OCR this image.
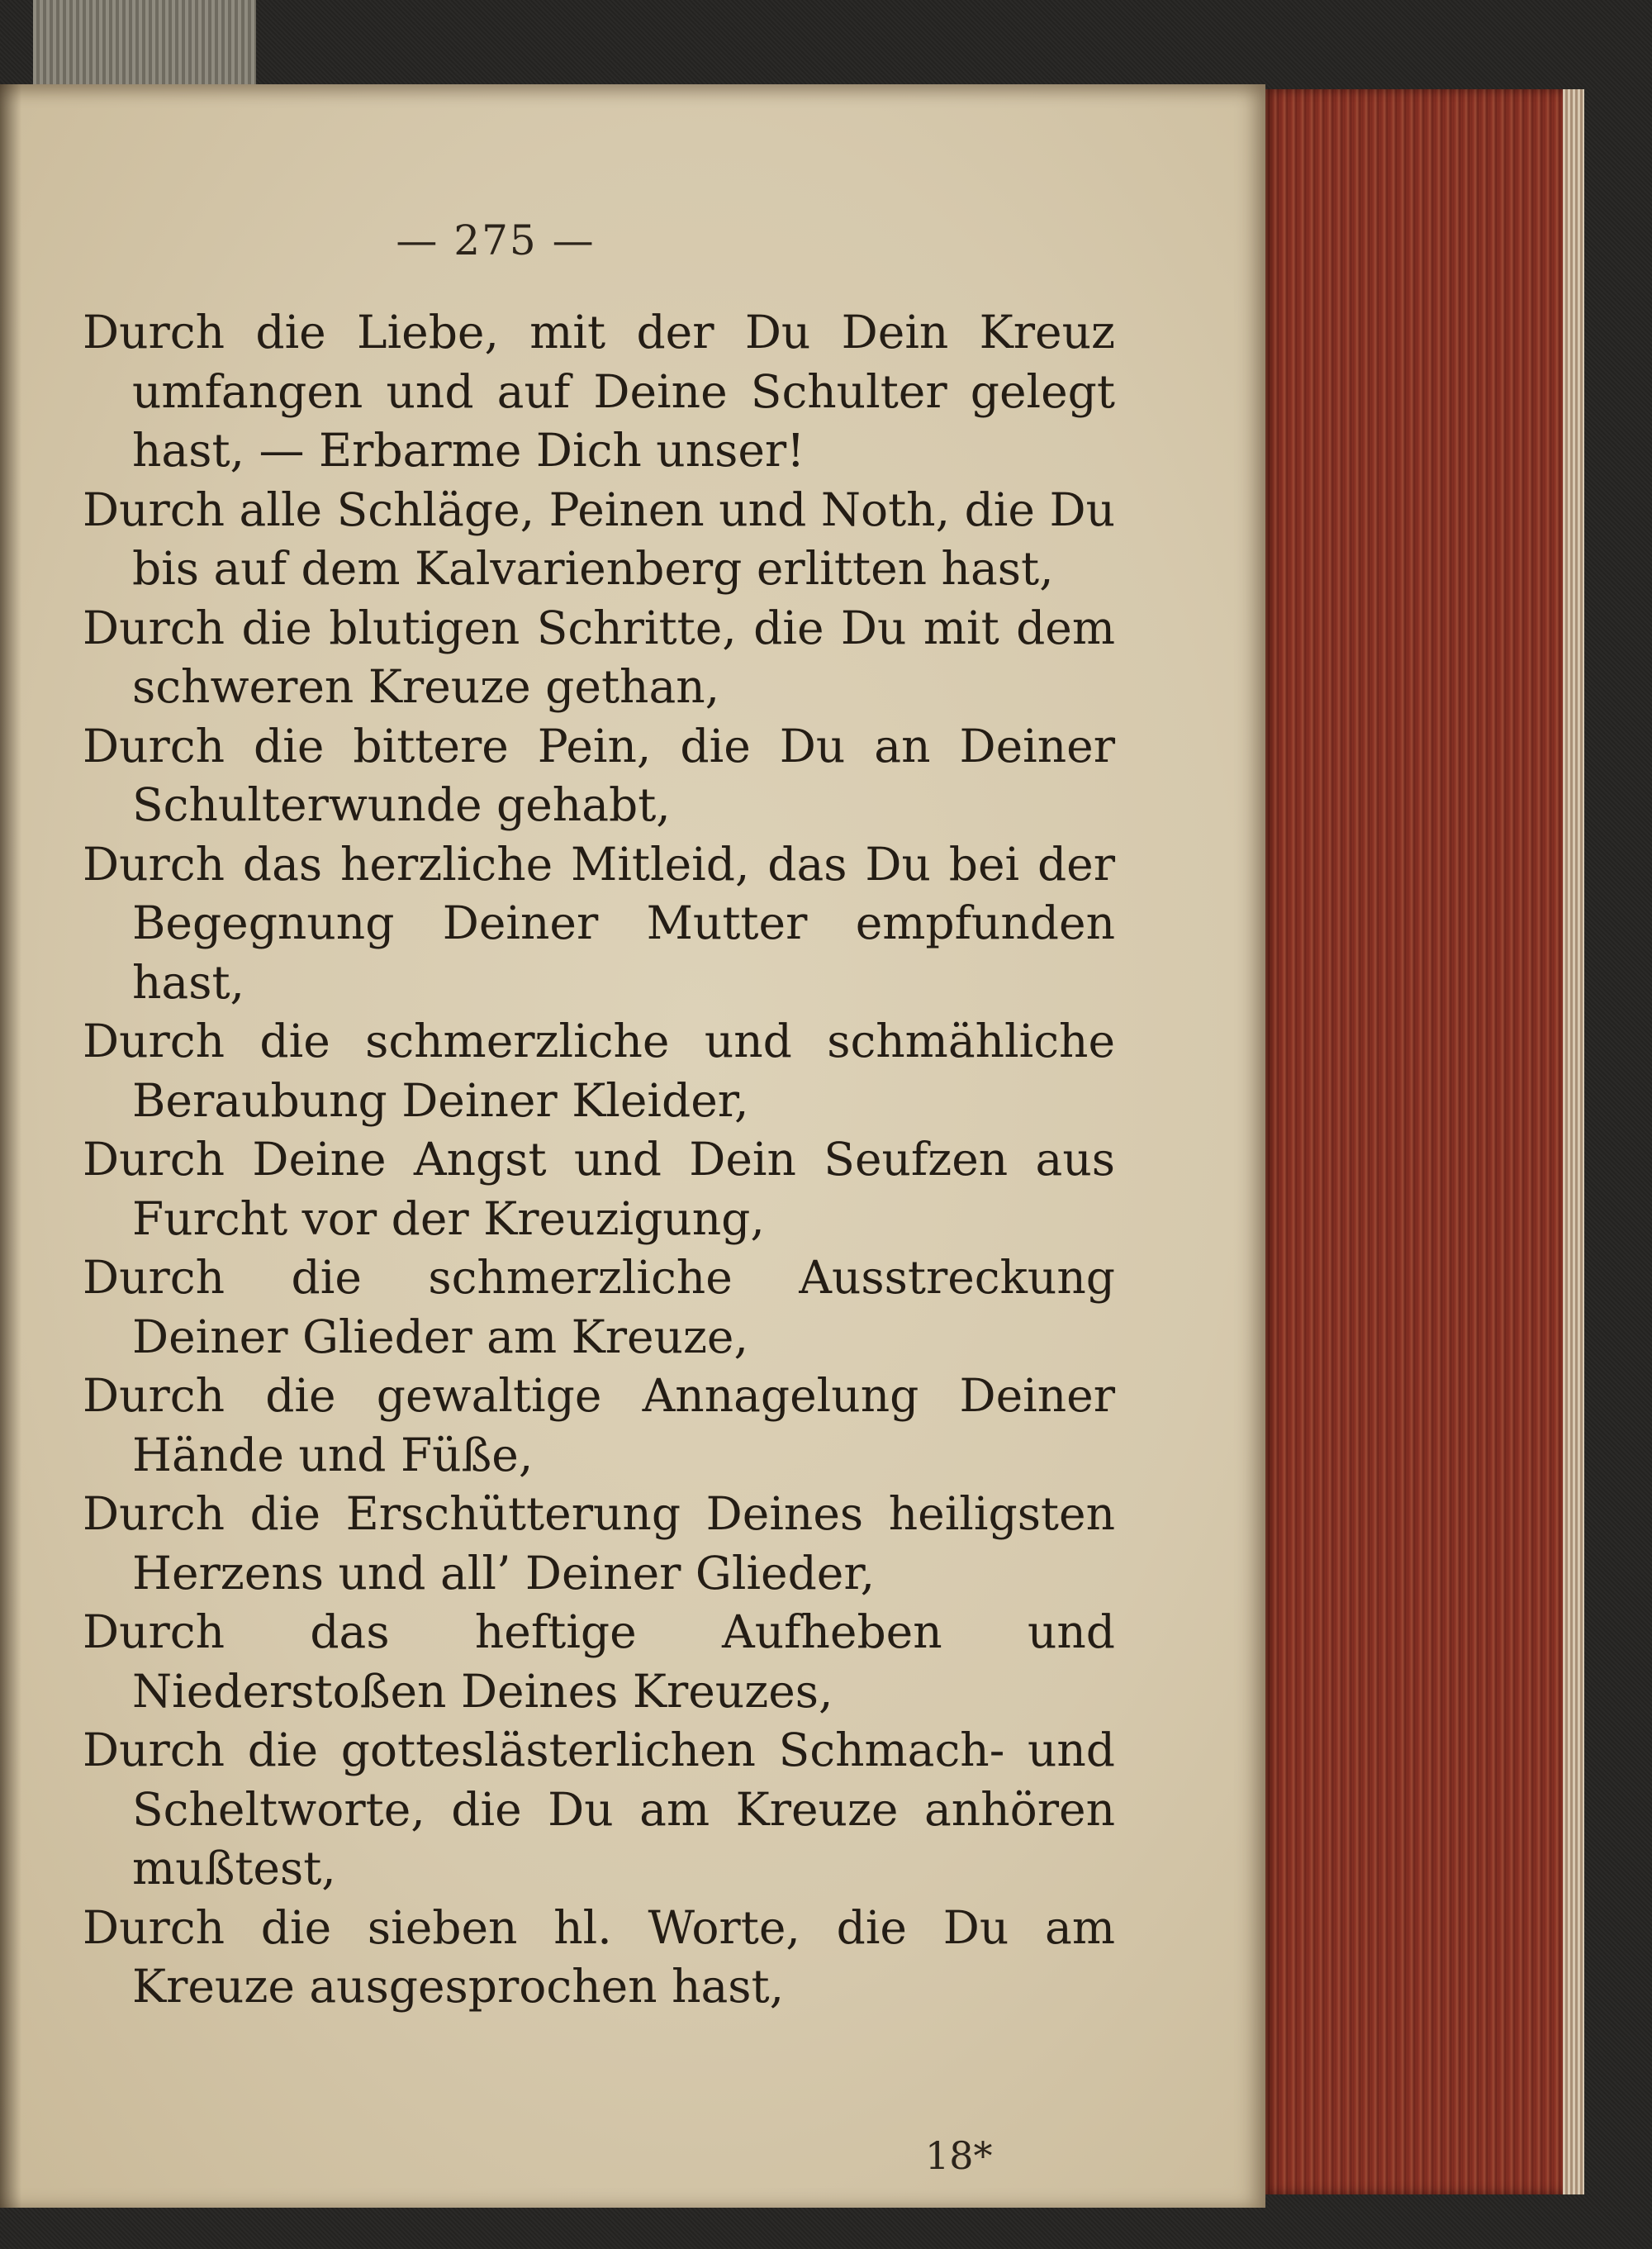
— 275 —

Durch die Liebe, mit der Du Dein Kreuz umfangen und auf Deine Schulter gelegt hast, — Erbarme Dich unser!

Durch alle Schläge, Peinen und Noth, die Du bis auf dem Kalvarienberg erlitten hast,

Durch die blutigen Schritte, die Du mit dem schweren Kreuze gethan,

Durch die bittere Pein, die Du an Deiner Schulterwunde gehabt,

Durch das herzliche Mitleid, das Du bei der Begegnung Deiner Mutter empfunden hast,

Durch die schmerzliche und schmähliche Beraubung Deiner Kleider,

Durch Deine Angst und Dein Seufzen aus Furcht vor der Kreuzigung,

Durch die schmerzliche Ausstreckung Deiner Glieder am Kreuze,

Durch die gewaltige Annagelung Deiner Hände und Füße,

Durch die Erschütterung Deines heiligsten Herzens und all’ Deiner Glieder,

Durch das heftige Aufheben und Niederstoßen Deines Kreuzes,

Durch die gotteslästerlichen Schmach- und Scheltworte, die Du am Kreuze anhören mußtest,

Durch die sieben hl. Worte, die Du am Kreuze ausgesprochen hast,

18*
